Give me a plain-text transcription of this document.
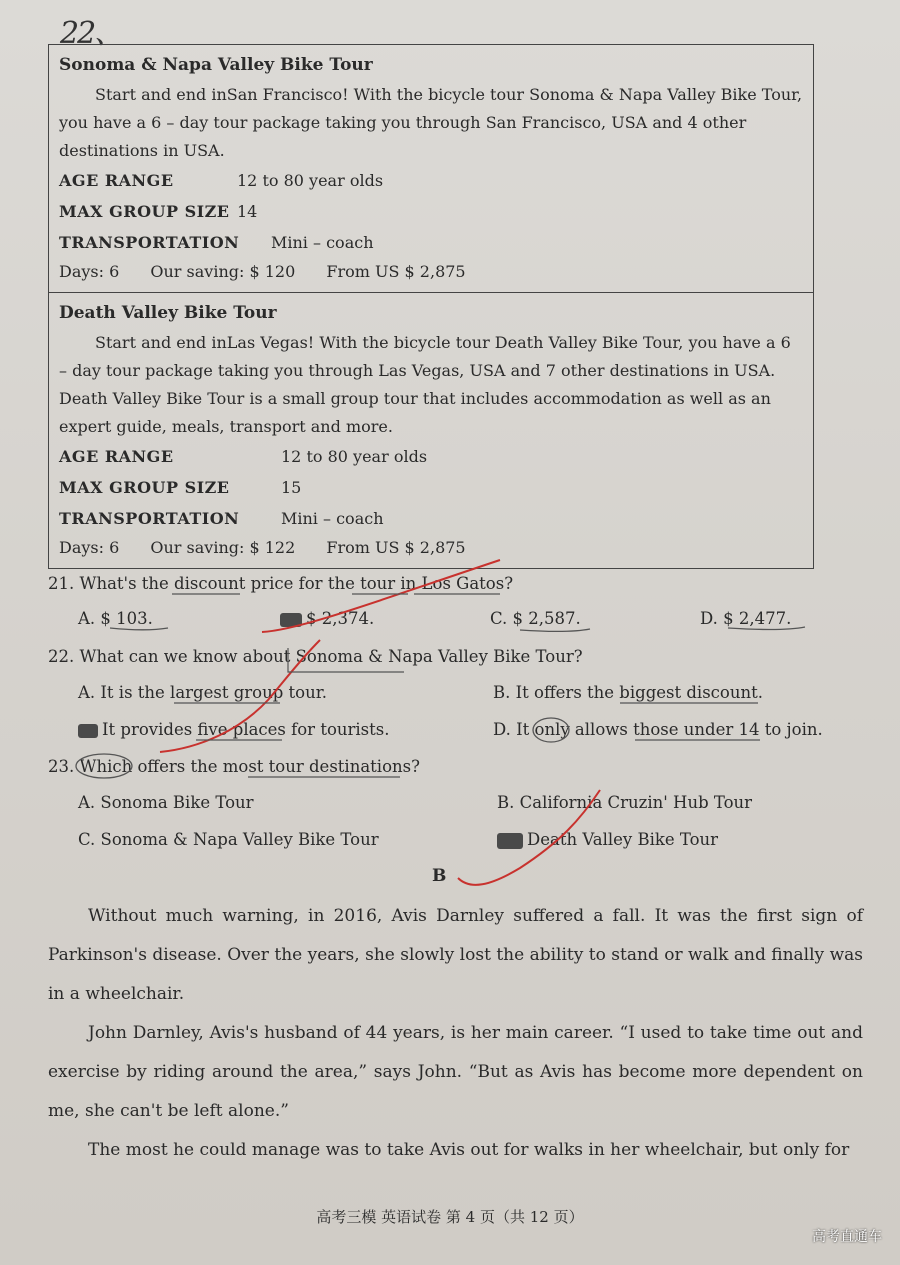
22、
Sonoma & Napa Valley Bike Tour

Start and end inSan Francisco! With the bicycle tour Sonoma & Napa Valley Bike Tour, you have a 6 – day tour package taking you through San Francisco, USA and 4 other destinations in USA.

AGE RANGE	12 to 80 year olds
MAX GROUP SIZE 14
TRANSPORTATION	Mini – coach
Days: 6 Our saving: $ 120 From US $ 2,875
Death Valley Bike Tour

Start and end inLas Vegas! With the bicycle tour Death Valley Bike Tour, you have a 6 – day tour package taking you through Las Vegas, USA and 7 other destinations in USA. Death Valley Bike Tour is a small group tour that includes accommodation as well as an expert guide, meals, transport and more.

AGE RANGE	12 to 80 year olds
MAX GROUP SIZE	15
TRANSPORTATION	Mini – coach
Days: 6 Our saving: $ 122 From US $ 2,875
21. What's the discount price for the tour in Los Gatos?
A. $ 103.	$ 2,374.	C. $ 2,587.	D. $ 2,477.
22. What can we know about Sonoma & Napa Valley Bike Tour?
A. It is the largest group tour.	B. It offers the biggest discount.
It provides five places for tourists.	D. It only allows those under 14 to join.
23. Which offers the most tour destinations?
A. Sonoma Bike Tour	B. California Cruzin' Hub Tour
C. Sonoma & Napa Valley Bike Tour	Death Valley Bike Tour
B
Without much warning, in 2016, Avis Darnley suffered a fall. It was the first sign of Parkinson's disease. Over the years, she slowly lost the ability to stand or walk and finally was in a wheelchair.
John Darnley, Avis's husband of 44 years, is her main career. “I used to take time out and exercise by riding around the area,” says John. “But as Avis has become more dependent on me, she can't be left alone.”
The most he could manage was to take Avis out for walks in her wheelchair, but only for
高考三模 英语试卷 第 4 页（共 12 页）
高考直通车
